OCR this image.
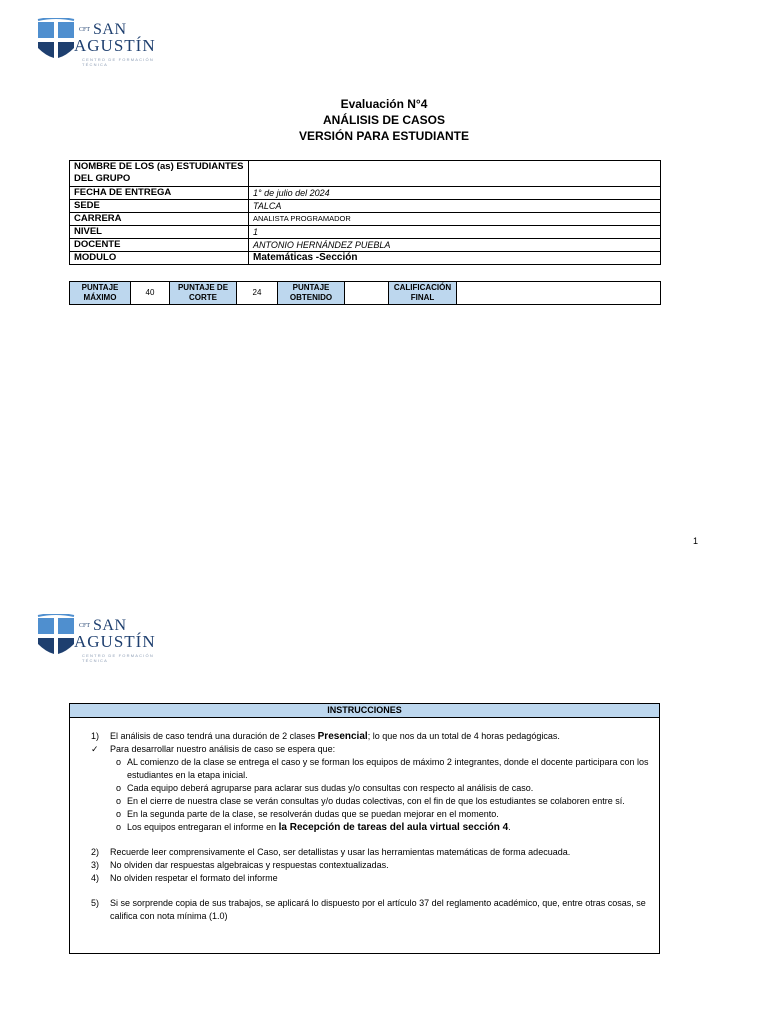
CFT SAN
AGUSTÍN
CENTRO DE FORMACIÓN TÉCNICA
Evaluación N°4
ANÁLISIS DE CASOS
VERSIÓN PARA ESTUDIANTE
NOMBRE DE LOS (as) ESTUDIANTES DEL GRUPO	
FECHA DE ENTREGA	1° de julio del 2024
SEDE	TALCA
CARRERA	ANALISTA PROGRAMADOR
NIVEL	1
DOCENTE	ANTONIO HERNÁNDEZ PUEBLA
MODULO	Matemáticas -Sección
PUNTAJE MÁXIMO	40	PUNTAJE DE CORTE	24	PUNTAJE OBTENIDO		CALIFICACIÓN FINAL	
1
CFT SAN
AGUSTÍN
CENTRO DE FORMACIÓN TÉCNICA
INSTRUCCIONES
1) El análisis de caso tendrá una duración de 2 clases Presencial; lo que nos da un total de 4 horas pedagógicas.
✓ Para desarrollar nuestro análisis de caso se espera que:
o AL comienzo de la clase se entrega el caso y se forman los equipos de máximo 2 integrantes, donde el docente participara con los estudiantes en la etapa inicial.
o Cada equipo deberá agruparse para aclarar sus dudas y/o consultas con respecto al análisis de caso.
o En el cierre de nuestra clase se verán consultas y/o dudas colectivas, con el fin de que los estudiantes se colaboren entre sí.
o En la segunda parte de la clase, se resolverán dudas que se puedan mejorar en el momento.
o Los equipos entregaran el informe en la Recepción de tareas del aula virtual sección 4.
2) Recuerde leer comprensivamente el Caso, ser detallistas y usar las herramientas matemáticas de forma adecuada.
3) No olviden dar respuestas algebraicas y respuestas contextualizadas.
4) No olviden respetar el formato del informe
5) Si se sorprende copia de sus trabajos, se aplicará lo dispuesto por el artículo 37 del reglamento académico, que, entre otras cosas, se califica con nota mínima (1.0)
